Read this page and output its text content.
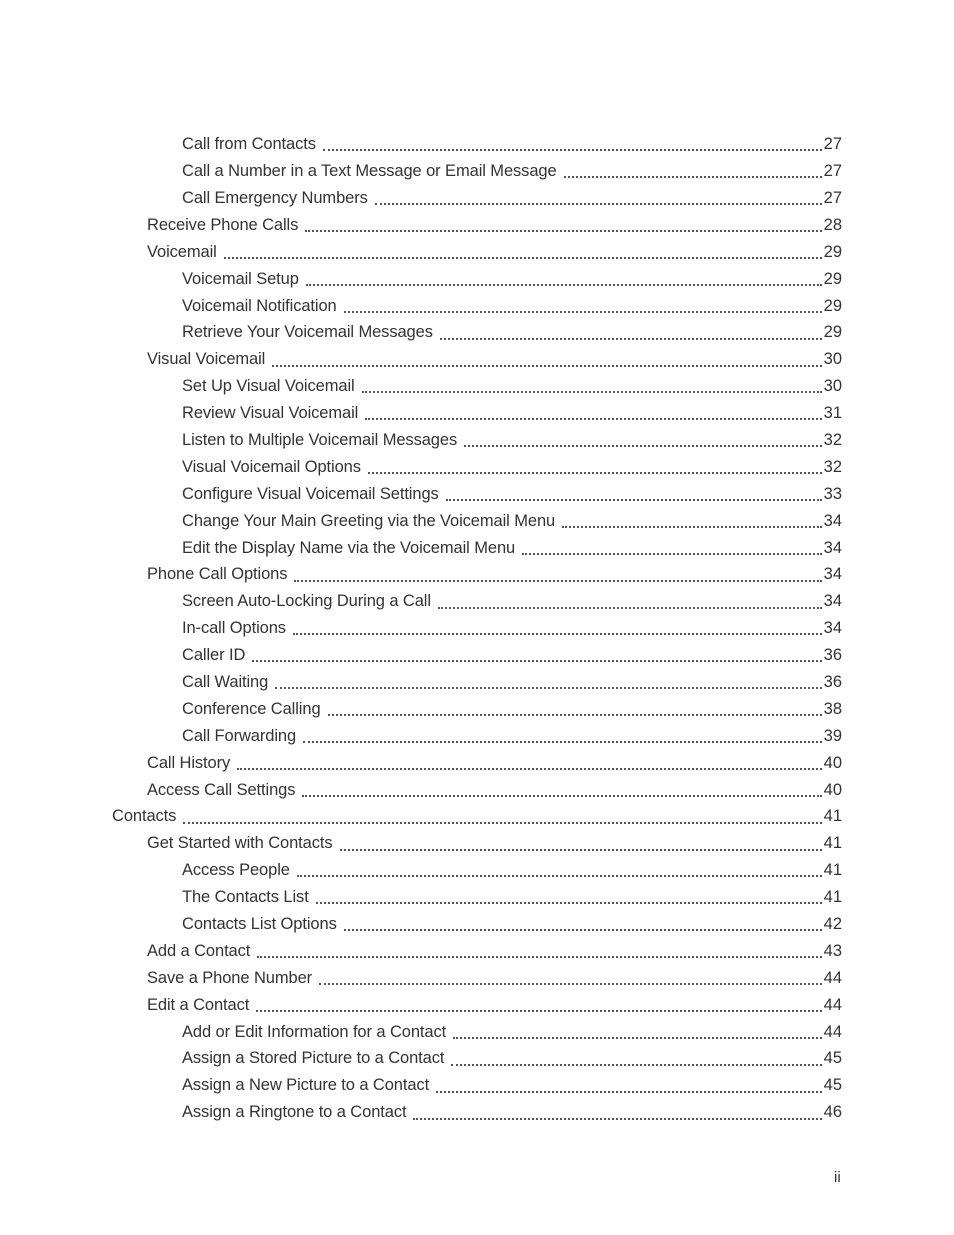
Call from Contacts	27
Call a Number in a Text Message or Email Message	27
Call Emergency Numbers	27
Receive Phone Calls	28
Voicemail	29
Voicemail Setup	29
Voicemail Notification	29
Retrieve Your Voicemail Messages	29
Visual Voicemail	30
Set Up Visual Voicemail	30
Review Visual Voicemail	31
Listen to Multiple Voicemail Messages	32
Visual Voicemail Options	32
Configure Visual Voicemail Settings	33
Change Your Main Greeting via the Voicemail Menu	34
Edit the Display Name via the Voicemail Menu	34
Phone Call Options	34
Screen Auto-Locking During a Call	34
In-call Options	34
Caller ID	36
Call Waiting	36
Conference Calling	38
Call Forwarding	39
Call History	40
Access Call Settings	40
Contacts	41
Get Started with Contacts	41
Access People	41
The Contacts List	41
Contacts List Options	42
Add a Contact	43
Save a Phone Number	44
Edit a Contact	44
Add or Edit Information for a Contact	44
Assign a Stored Picture to a Contact	45
Assign a New Picture to a Contact	45
Assign a Ringtone to a Contact	46
ii
